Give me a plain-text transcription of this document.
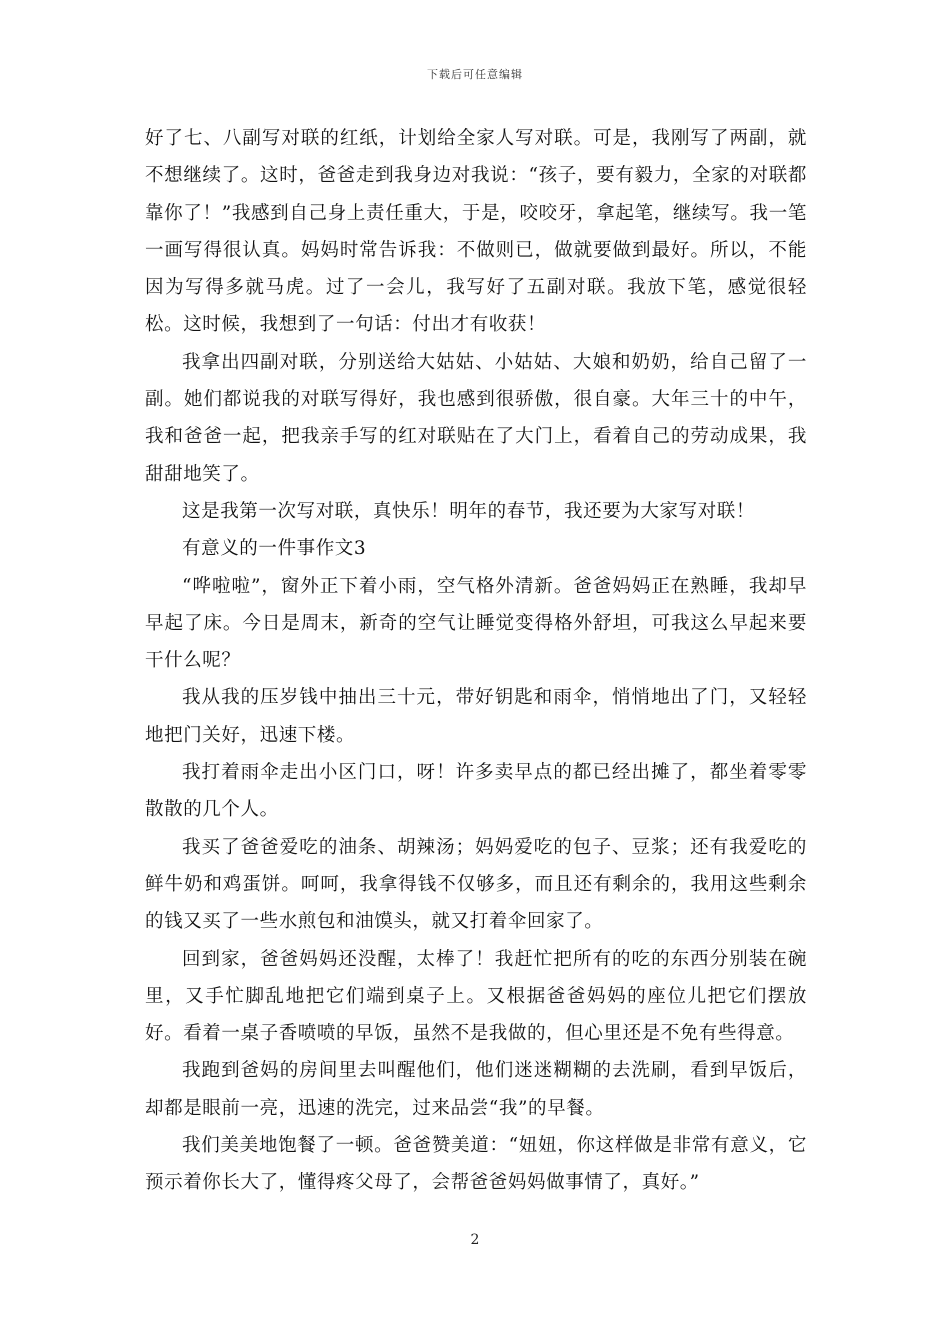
下载后可任意编辑

好了七、八副写对联的红纸，计划给全家人写对联。可是，我刚写了两副，就不想继续了。这时，爸爸走到我身边对我说：“孩子，要有毅力，全家的对联都靠你了！”我感到自己身上责任重大，于是，咬咬牙，拿起笔，继续写。我一笔一画写得很认真。妈妈时常告诉我：不做则已，做就要做到最好。所以，不能因为写得多就马虎。过了一会儿，我写好了五副对联。我放下笔，感觉很轻松。这时候，我想到了一句话：付出才有收获！

我拿出四副对联，分别送给大姑姑、小姑姑、大娘和奶奶，给自己留了一副。她们都说我的对联写得好，我也感到很骄傲，很自豪。大年三十的中午，我和爸爸一起，把我亲手写的红对联贴在了大门上，看着自己的劳动成果，我甜甜地笑了。

这是我第一次写对联，真快乐！明年的春节，我还要为大家写对联！

有意义的一件事作文3

“哗啦啦”，窗外正下着小雨，空气格外清新。爸爸妈妈正在熟睡，我却早早起了床。今日是周末，新奇的空气让睡觉变得格外舒坦，可我这么早起来要干什么呢？

我从我的压岁钱中抽出三十元，带好钥匙和雨伞，悄悄地出了门，又轻轻地把门关好，迅速下楼。

我打着雨伞走出小区门口，呀！许多卖早点的都已经出摊了，都坐着零零散散的几个人。

我买了爸爸爱吃的油条、胡辣汤；妈妈爱吃的包子、豆浆；还有我爱吃的鲜牛奶和鸡蛋饼。呵呵，我拿得钱不仅够多，而且还有剩余的，我用这些剩余的钱又买了一些水煎包和油馍头，就又打着伞回家了。

回到家，爸爸妈妈还没醒，太棒了！我赶忙把所有的吃的东西分别装在碗里，又手忙脚乱地把它们端到桌子上。又根据爸爸妈妈的座位儿把它们摆放好。看着一桌子香喷喷的早饭，虽然不是我做的，但心里还是不免有些得意。

我跑到爸妈的房间里去叫醒他们，他们迷迷糊糊的去洗刷，看到早饭后，却都是眼前一亮，迅速的洗完，过来品尝“我”的早餐。

我们美美地饱餐了一顿。爸爸赞美道：“妞妞，你这样做是非常有意义，它预示着你长大了，懂得疼父母了，会帮爸爸妈妈做事情了，真好。”

2
